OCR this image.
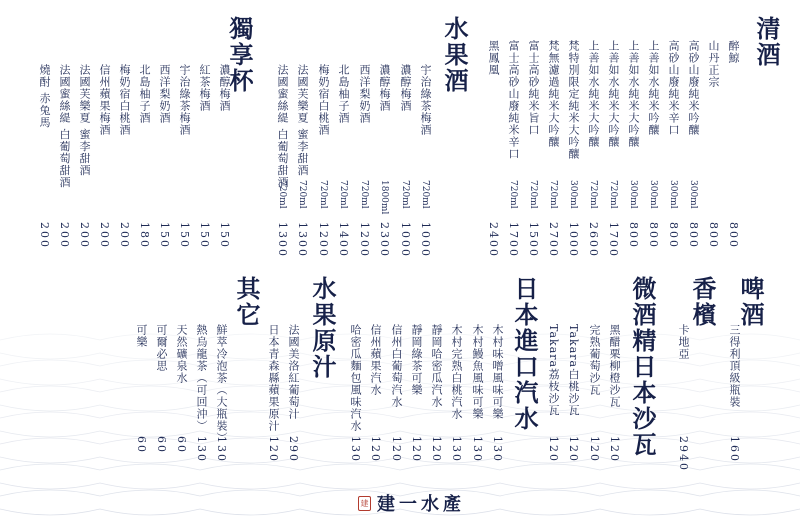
建 建一水產
清酒
醉鯨
800
山丹正宗
800
高砂山廢純米吟釀
300ml
800
高砂山廢純米辛口
300ml
800
上善如水純米吟釀
300ml
800
上善如水純米大吟釀
300ml
800
上善如水純米大吟釀
720ml
1700
上善如水純米大吟釀
720ml
2600
梵特別限定純米大吟釀
300ml
1000
梵無濾過純米大吟釀
720ml
2700
富士高砂純米旨口
720ml
1500
富士高砂山廢純米辛口
720ml
1700
黑鳳凰
2400
水果酒
宇治綠茶梅酒
720ml
1000
濃醇梅酒
720ml
1000
濃醇梅酒
1800ml
2300
西洋梨奶酒
720ml
1200
北島柚子酒
720ml
1400
梅奶宿白桃酒
720ml
1200
法國芙樂夏 蜜李甜酒
720ml
1300
法國蜜絲緹 白葡萄甜酒
720ml
1300
獨享杯
濃醇梅酒
150
紅茶梅酒
150
宇治綠茶梅酒
150
西洋梨奶酒
150
北島柚子酒
180
梅奶宿白桃酒
200
信州蘋果梅酒
200
法國芙樂夏 蜜李甜酒
200
法國蜜絲緹 白葡萄甜酒
200
燒酎 赤兔馬
200
啤酒
三得利頂級瓶裝
160
香檳
卡地亞
2940
微酒精日本沙瓦
黑醋栗柳橙沙瓦
120
完熟葡萄沙瓦
120
Takara白桃沙瓦
120
Takara荔枝沙瓦
120
日本進口汽水
木村味噌風味可樂
130
木村鰻魚風味可樂
130
木村完熟白桃汽水
130
靜岡哈密瓜汽水
120
靜岡綠茶可樂
120
信州白葡萄汽水
120
信州蘋果汽水
120
哈密瓜麵包風味汽水
130
水果原汁
法國美洛紅葡萄汁
290
日本青森縣蘋果原汁
120
其它
鮮萃冷泡茶（大瓶裝）
130
熱烏龍茶（可回沖）
130
天然礦泉水
60
可爾必思
60
可樂
60
